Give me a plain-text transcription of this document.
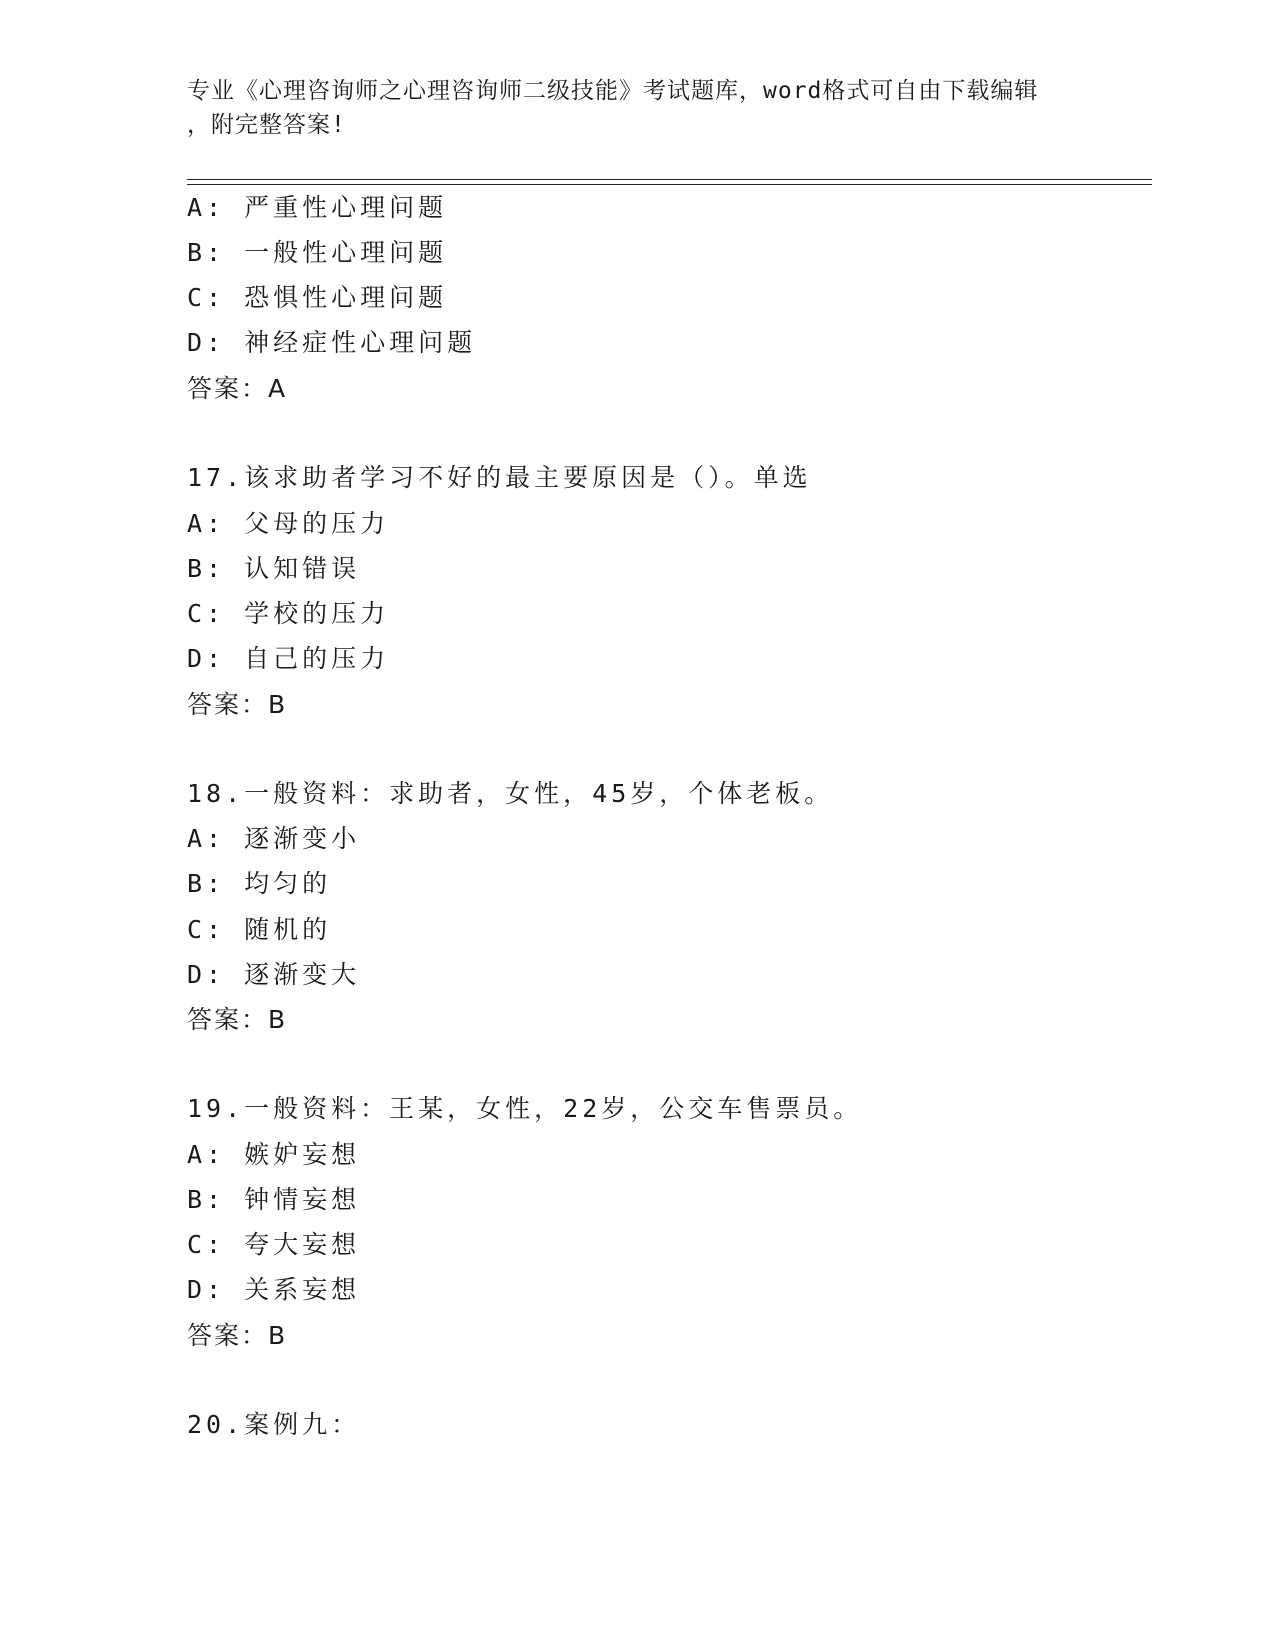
专业《心理咨询师之心理咨询师二级技能》考试题库，word格式可自由下载编辑
，附完整答案!
A: 严重性心理问题
B: 一般性心理问题
C: 恐惧性心理问题
D: 神经症性心理问题
答案：A
17.该求助者学习不好的最主要原因是（）。单选
A: 父母的压力
B: 认知错误
C: 学校的压力
D: 自己的压力
答案：B
18.一般资料：求助者，女性，45岁，个体老板。
A: 逐渐变小
B: 均匀的
C: 随机的
D: 逐渐变大
答案：B
19.一般资料：王某，女性，22岁，公交车售票员。
A: 嫉妒妄想
B: 钟情妄想
C: 夸大妄想
D: 关系妄想
答案：B
20.案例九：
